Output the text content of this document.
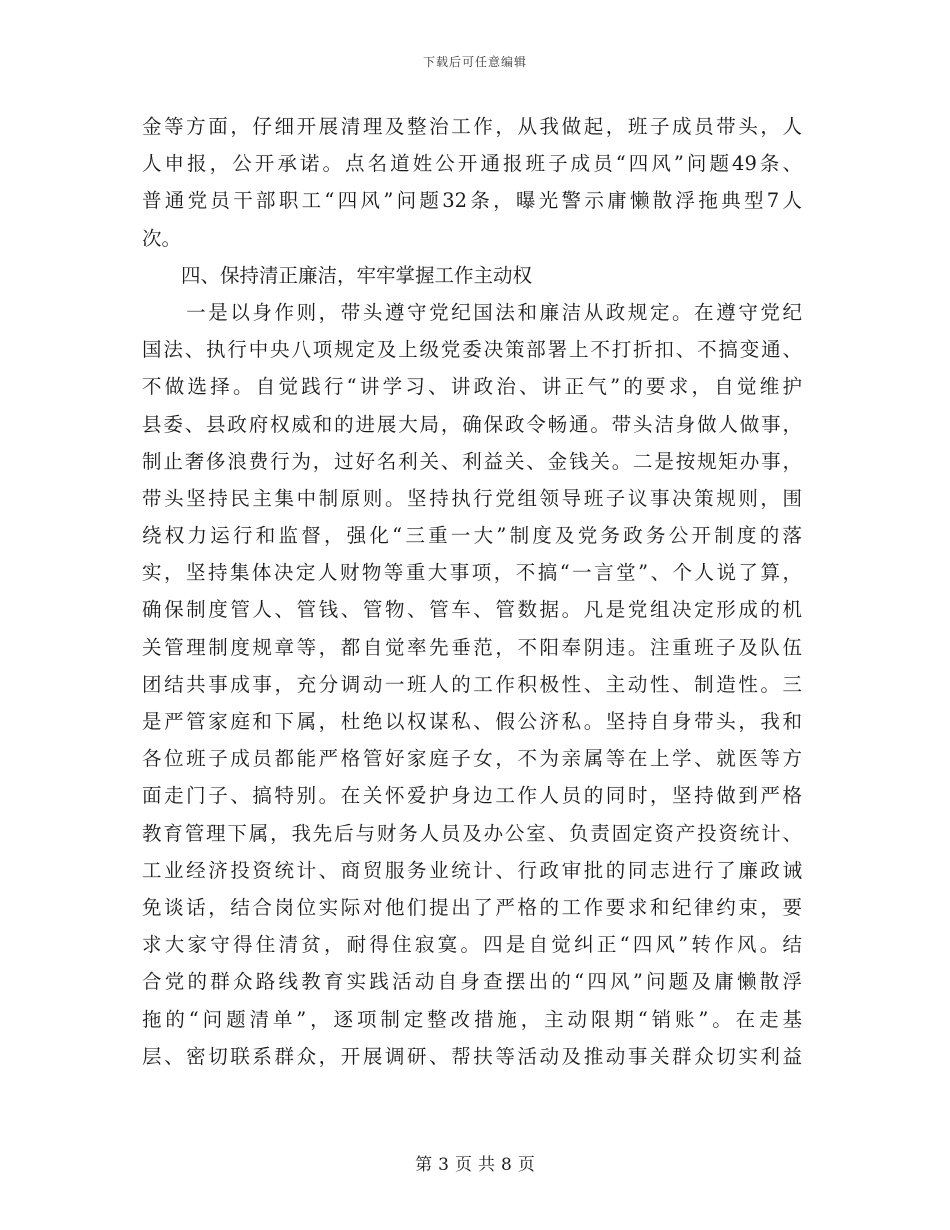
下载后可任意编辑
金等方面，仔细开展清理及整治工作，从我做起，班子成员带头，人
人申报，公开承诺。点名道姓公开通报班子成员“四风”问题49条、
普通党员干部职工“四风”问题32条，曝光警示庸懒散浮拖典型7人
次。
　　四、保持清正廉洁，牢牢掌握工作主动权
　　一是以身作则，带头遵守党纪国法和廉洁从政规定。在遵守党纪
国法、执行中央八项规定及上级党委决策部署上不打折扣、不搞变通、
不做选择。自觉践行“讲学习、讲政治、讲正气”的要求，自觉维护
县委、县政府权威和的进展大局，确保政令畅通。带头洁身做人做事，
制止奢侈浪费行为，过好名利关、利益关、金钱关。二是按规矩办事，
带头坚持民主集中制原则。坚持执行党组领导班子议事决策规则，围
绕权力运行和监督，强化“三重一大”制度及党务政务公开制度的落
实，坚持集体决定人财物等重大事项，不搞“一言堂”、个人说了算，
确保制度管人、管钱、管物、管车、管数据。凡是党组决定形成的机
关管理制度规章等，都自觉率先垂范，不阳奉阴违。注重班子及队伍
团结共事成事，充分调动一班人的工作积极性、主动性、制造性。三
是严管家庭和下属，杜绝以权谋私、假公济私。坚持自身带头，我和
各位班子成员都能严格管好家庭子女，不为亲属等在上学、就医等方
面走门子、搞特别。在关怀爱护身边工作人员的同时，坚持做到严格
教育管理下属，我先后与财务人员及办公室、负责固定资产投资统计、
工业经济投资统计、商贸服务业统计、行政审批的同志进行了廉政诫
免谈话，结合岗位实际对他们提出了严格的工作要求和纪律约束，要
求大家守得住清贫，耐得住寂寞。四是自觉纠正“四风”转作风。结
合党的群众路线教育实践活动自身查摆出的“四风”问题及庸懒散浮
拖的“问题清单”，逐项制定整改措施，主动限期“销账”。在走基
层、密切联系群众，开展调研、帮扶等活动及推动事关群众切实利益
第 3 页 共 8 页
